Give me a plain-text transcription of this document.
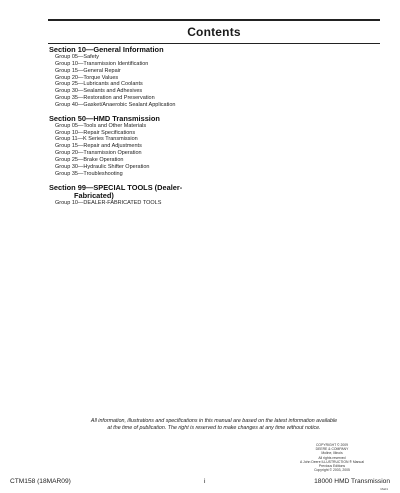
Contents
Section 10—General Information
Group 05—Safety
Group 10—Transmission Identification
Group 15—General Repair
Group 20—Torque Values
Group 25—Lubricants and Coolants
Group 30—Sealants and Adhesives
Group 35—Restoration and Preservation
Group 40—Gasket/Anaerobic Sealant Application
Section 50—HMD Transmission
Group 05—Tools and Other Materials
Group 10—Repair Specifications
Group 11—K Series Transmission
Group 15—Repair and Adjustments
Group 20—Transmission Operation
Group 25—Brake Operation
Group 30—Hydraulic Shifter Operation
Group 35—Troubleshooting
Section 99—SPECIAL TOOLS (Dealer-
Fabricated)
Group 10—DEALER-FABRICATED TOOLS
All information, illustrations and specifications in this manual are based on the latest information available at the time of publication. The right is reserved to make changes at any time without notice.
COPYRIGHT © 2009
DEERE & COMPANY
Moline, Illinois
All rights reserved
A John Deere ILLUSTRUCTION ® Manual
Previous Editions
Copyright © 2003, 2005
CTM158 (18MAR09)	i	18000 HMD Transmission
Ma01
